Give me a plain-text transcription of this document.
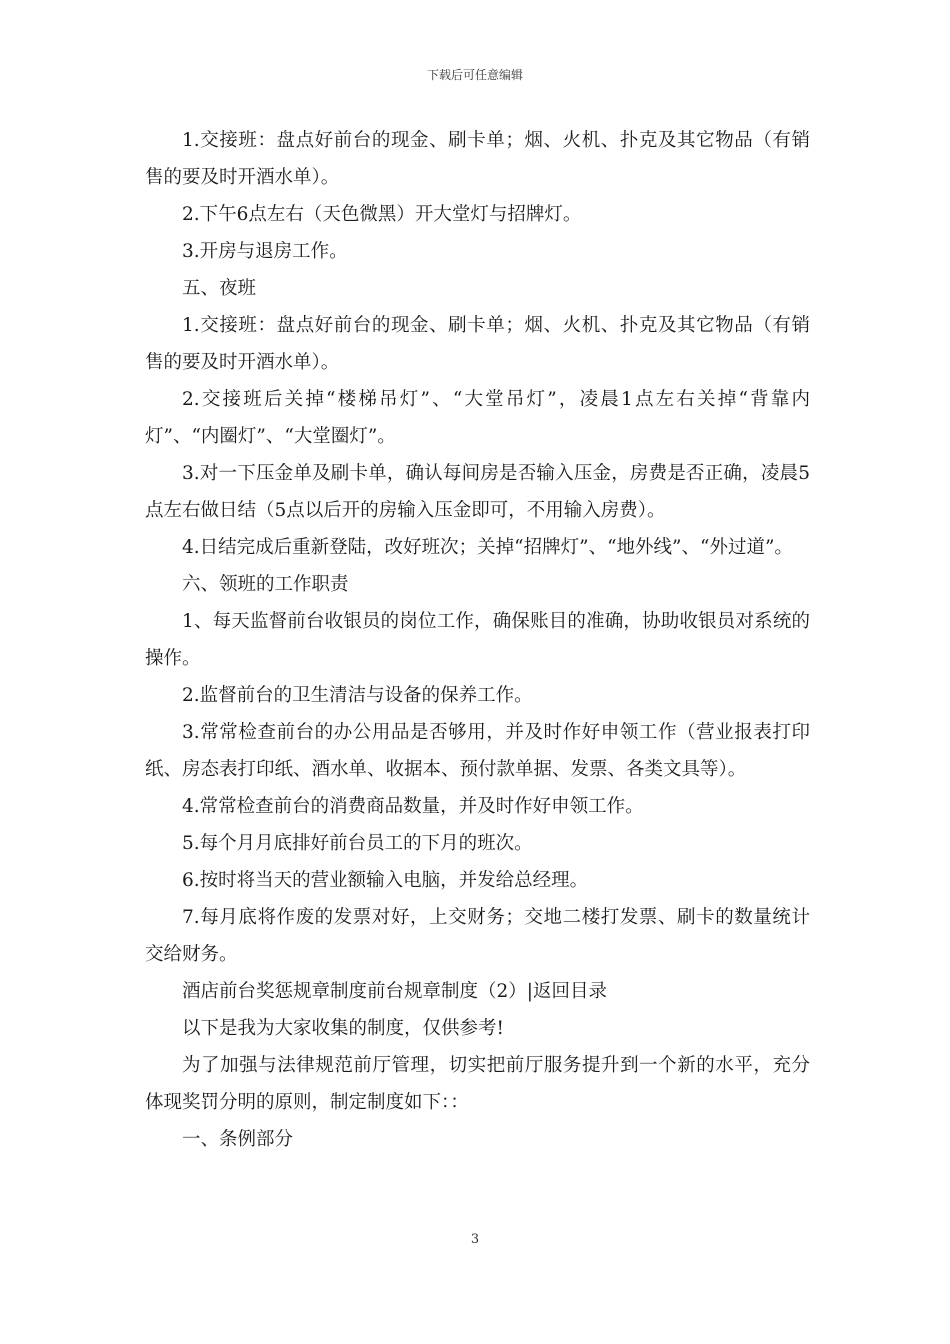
下载后可任意编辑

1.交接班：盘点好前台的现金、刷卡单；烟、火机、扑克及其它物品（有销售的要及时开酒水单）。

2.下午6点左右（天色微黑）开大堂灯与招牌灯。

3.开房与退房工作。

五、夜班

1.交接班：盘点好前台的现金、刷卡单；烟、火机、扑克及其它物品（有销售的要及时开酒水单）。

2.交接班后关掉“楼梯吊灯”、“大堂吊灯”，凌晨1点左右关掉“背靠内灯”、“内圈灯”、“大堂圈灯”。

3.对一下压金单及刷卡单，确认每间房是否输入压金，房费是否正确，凌晨5点左右做日结（5点以后开的房输入压金即可，不用输入房费）。

4.日结完成后重新登陆，改好班次；关掉“招牌灯”、“地外线”、“外过道”。

六、领班的工作职责

1、每天监督前台收银员的岗位工作，确保账目的准确，协助收银员对系统的操作。

2.监督前台的卫生清洁与设备的保养工作。

3.常常检查前台的办公用品是否够用，并及时作好申领工作（营业报表打印纸、房态表打印纸、酒水单、收据本、预付款单据、发票、各类文具等）。

4.常常检查前台的消费商品数量，并及时作好申领工作。

5.每个月月底排好前台员工的下月的班次。

6.按时将当天的营业额输入电脑，并发给总经理。

7.每月底将作废的发票对好，上交财务；交地二楼打发票、刷卡的数量统计交给财务。

酒店前台奖惩规章制度前台规章制度（2）|返回目录

以下是我为大家收集的制度，仅供参考!

为了加强与法律规范前厅管理，切实把前厅服务提升到一个新的水平，充分体现奖罚分明的原则，制定制度如下：：

一、条例部分

3
